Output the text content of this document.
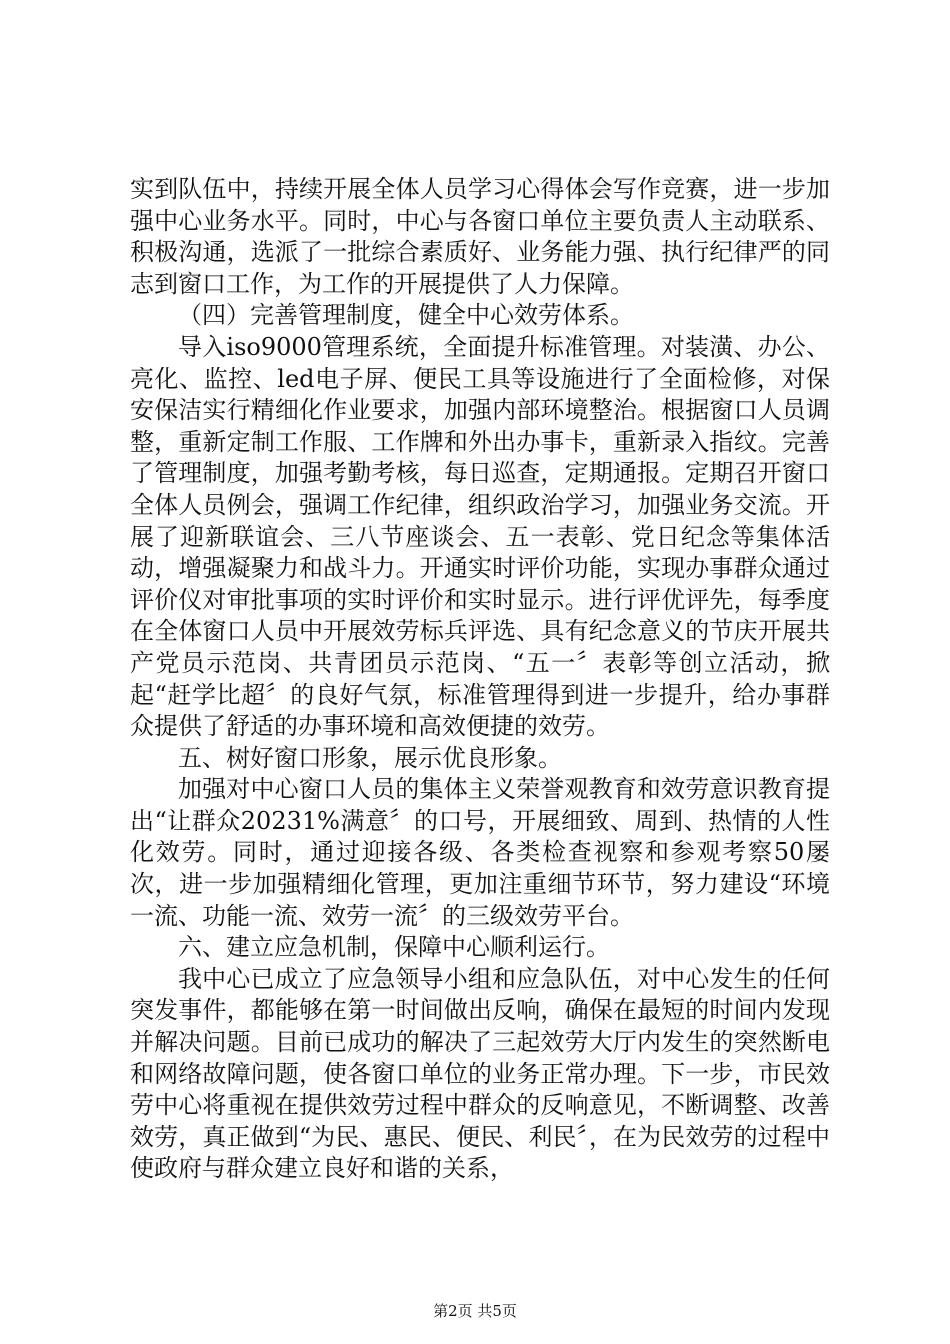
实到队伍中，持续开展全体人员学习心得体会写作竞赛，进一步加强中心业务水平。同时，中心与各窗口单位主要负责人主动联系、积极沟通，选派了一批综合素质好、业务能力强、执行纪律严的同志到窗口工作，为工作的开展提供了人力保障。

（四）完善管理制度，健全中心效劳体系。

导入iso9000管理系统，全面提升标准管理。对装潢、办公、亮化、监控、led电子屏、便民工具等设施进行了全面检修，对保安保洁实行精细化作业要求，加强内部环境整治。根据窗口人员调整，重新定制工作服、工作牌和外出办事卡，重新录入指纹。完善了管理制度，加强考勤考核，每日巡查，定期通报。定期召开窗口全体人员例会，强调工作纪律，组织政治学习，加强业务交流。开展了迎新联谊会、三八节座谈会、五一表彰、党日纪念等集体活动，增强凝聚力和战斗力。开通实时评价功能，实现办事群众通过评价仪对审批事项的实时评价和实时显示。进行评优评先，每季度在全体窗口人员中开展效劳标兵评选、具有纪念意义的节庆开展共产党员示范岗、共青团员示范岗、“五一〞表彰等创立活动，掀起“赶学比超〞的良好气氛，标准管理得到进一步提升，给办事群众提供了舒适的办事环境和高效便捷的效劳。

五、树好窗口形象，展示优良形象。

加强对中心窗口人员的集体主义荣誉观教育和效劳意识教育提出“让群众20231%满意〞的口号，开展细致、周到、热情的人性化效劳。同时，通过迎接各级、各类检查视察和参观考察50屡次，进一步加强精细化管理，更加注重细节环节，努力建设“环境一流、功能一流、效劳一流〞的三级效劳平台。

六、建立应急机制，保障中心顺利运行。

我中心已成立了应急领导小组和应急队伍，对中心发生的任何突发事件，都能够在第一时间做出反响，确保在最短的时间内发现并解决问题。目前已成功的解决了三起效劳大厅内发生的突然断电和网络故障问题，使各窗口单位的业务正常办理。下一步，市民效劳中心将重视在提供效劳过程中群众的反响意见，不断调整、改善效劳，真正做到“为民、惠民、便民、利民〞，在为民效劳的过程中使政府与群众建立良好和谐的关系，

第2页 共5页
